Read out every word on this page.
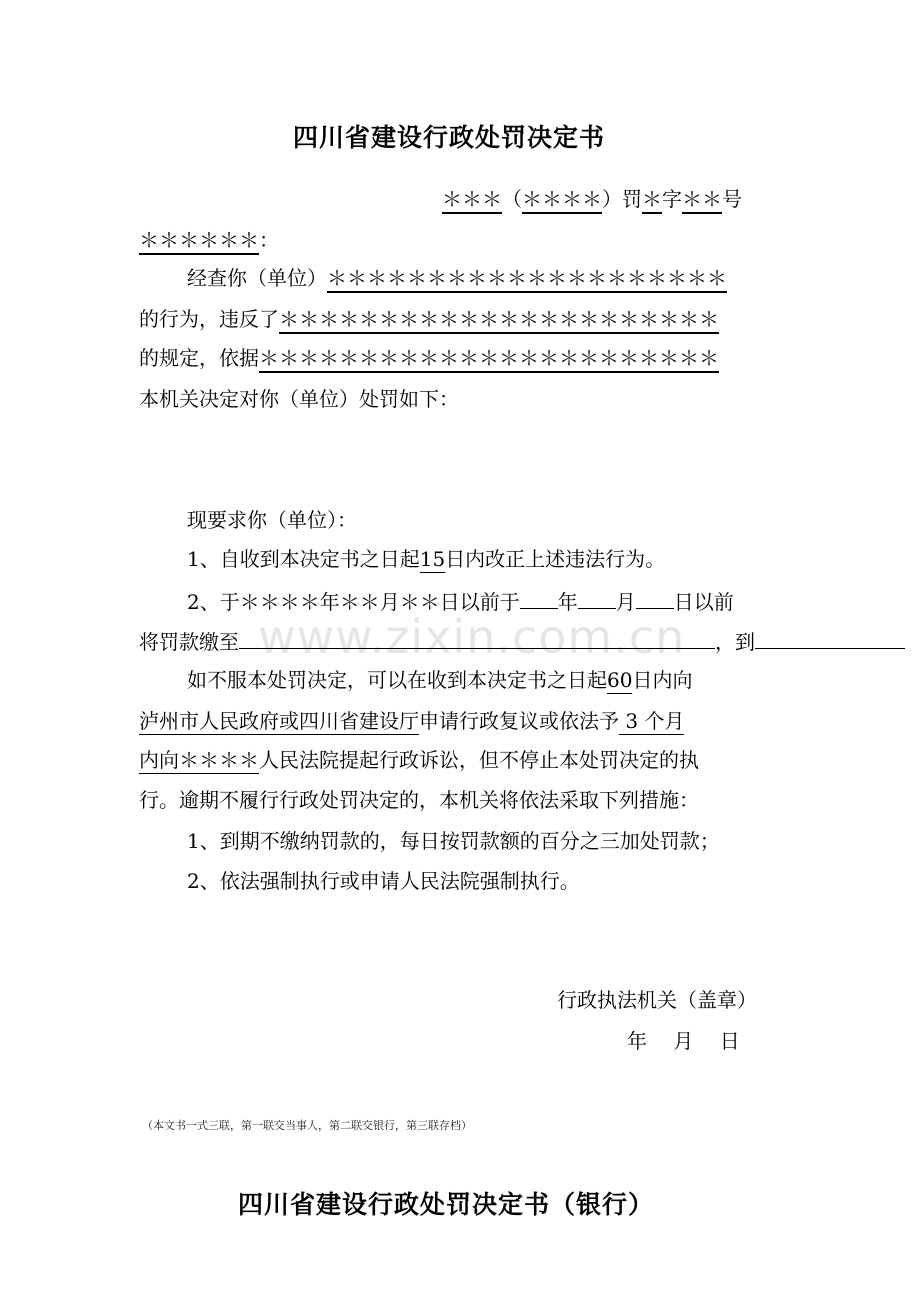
四川省建设行政处罚决定书
＊＊＊（＊＊＊＊）罚＊字＊＊号
＊＊＊＊＊＊：
经查你（单位）＊＊＊＊＊＊＊＊＊＊＊＊＊＊＊＊＊＊＊＊
的行为，违反了＊＊＊＊＊＊＊＊＊＊＊＊＊＊＊＊＊＊＊＊＊＊
的规定，依据＊＊＊＊＊＊＊＊＊＊＊＊＊＊＊＊＊＊＊＊＊＊＊
本机关决定对你（单位）处罚如下：
现要求你（单位）：
1、自收到本决定书之日起15日内改正上述违法行为。
2、于＊＊＊＊年＊＊月＊＊日以前于 年 月 日以前
www.zixin.com.cn
将罚款缴至	，到
如不服本处罚决定，可以在收到本决定书之日起60日内向
泸州市人民政府或四川省建设厅申请行政复议或依法予 3 个月
内向＊＊＊＊人民法院提起行政诉讼，但不停止本处罚决定的执
行。逾期不履行行政处罚决定的，本机关将依法采取下列措施：
1、到期不缴纳罚款的，每日按罚款额的百分之三加处罚款；
2、依法强制执行或申请人民法院强制执行。
行政执法机关（盖章）
年 　月 　日
（本文书一式三联，第一联交当事人，第二联交银行，第三联存档）
四川省建设行政处罚决定书（银行）
